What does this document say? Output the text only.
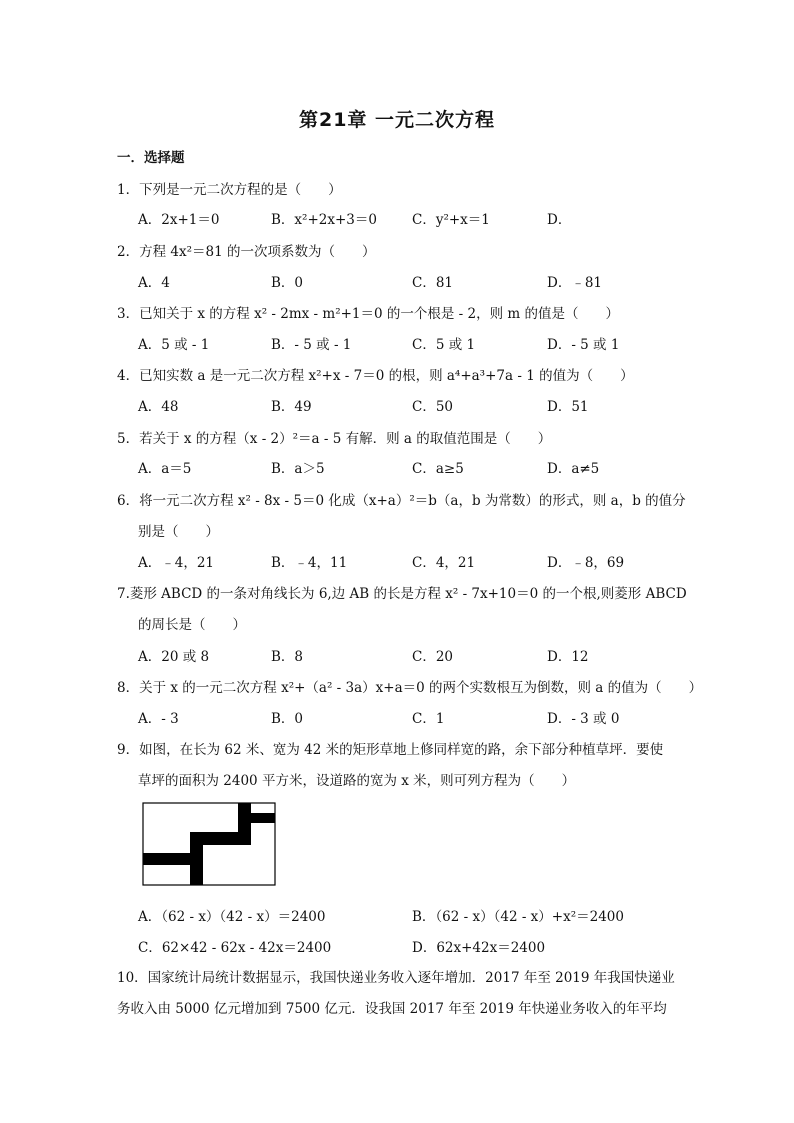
第21章 一元二次方程
一．选择题
1．下列是一元二次方程的是（　　）
A．2x+1＝0	B．x²+2x+3＝0	C．y²+x＝1	D．
2．方程 4x²＝81 的一次项系数为（　　）
A．4	B．0	C．81	D．﹣81
3．已知关于 x 的方程 x² - 2mx - m²+1＝0 的一个根是 - 2，则 m 的值是（　　）
A．5 或 - 1	B．- 5 或 - 1	C．5 或 1	D．- 5 或 1
4．已知实数 a 是一元二次方程 x²+x - 7＝0 的根，则 a⁴+a³+7a - 1 的值为（　　）
A．48	B．49	C．50	D．51
5．若关于 x 的方程（x - 2）²＝a - 5 有解．则 a 的取值范围是（　　）
A．a＝5	B．a＞5	C．a≥5	D．a≠5
6．将一元二次方程 x² - 8x - 5＝0 化成（x+a）²＝b（a，b 为常数）的形式，则 a，b 的值分
别是（　　）
A．﹣4，21	B．﹣4，11	C．4，21	D．﹣8，69
7.菱形 ABCD 的一条对角线长为 6,边 AB 的长是方程 x² - 7x+10＝0 的一个根,则菱形 ABCD
的周长是（　　）
A．20 或 8	B．8	C．20	D．12
8．关于 x 的一元二次方程 x²+（a² - 3a）x+a＝0 的两个实数根互为倒数，则 a 的值为（　　）
A．- 3	B．0	C．1	D．- 3 或 0
9．如图，在长为 62 米、宽为 42 米的矩形草地上修同样宽的路，余下部分种植草坪．要使
草坪的面积为 2400 平方米，设道路的宽为 x 米，则可列方程为（　　）
A．（62 - x）（42 - x）＝2400	B．（62 - x）（42 - x）+x²＝2400
C．62×42 - 62x - 42x＝2400	D．62x+42x＝2400
10．国家统计局统计数据显示，我国快递业务收入逐年增加．2017 年至 2019 年我国快递业
务收入由 5000 亿元增加到 7500 亿元．设我国 2017 年至 2019 年快递业务收入的年平均
